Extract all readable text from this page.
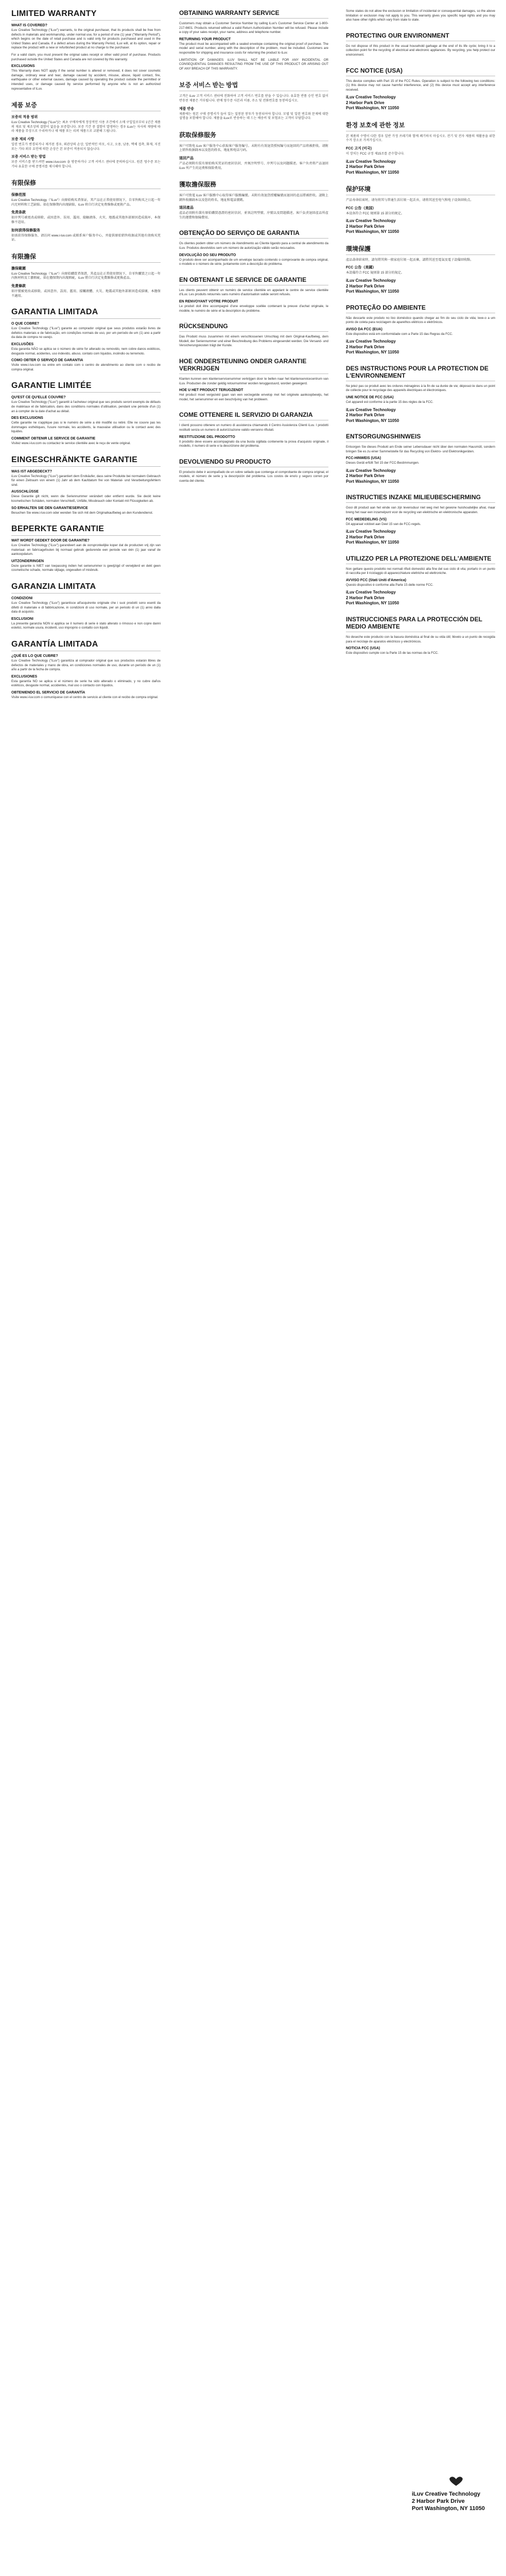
LIMITED WARRANTY
WHAT IS COVERED?
iLuv Creative Technology ("iLuv") warrants, to the original purchaser, that its products shall be free from defects in materials and workmanship, under normal use, for a period of one (1) year ("Warranty Period"), which begins on the date of retail purchase and is valid only for products purchased and used in the United States and Canada. If a defect arises during the Warranty Period, iLuv will, at its option, repair or replace the product with a new or refurbished product at no charge to the purchaser.
For a valid claim, you must present the original sales receipt or other valid proof of purchase. Products purchased outside the United States and Canada are not covered by this warranty.
EXCLUSIONS
This Warranty does NOT apply if the serial number is altered or removed, it does not cover cosmetic damage, ordinary wear and tear, damage caused by accident, misuse, abuse, liquid contact, fire, earthquake or other external causes, damage caused by operating the product outside the permitted or intended uses, or damage caused by service performed by anyone who is not an authorized representative of iLuv.
제품 보증
보증의 적용 범위
iLuv Creative Technology ("iLuv")는 최초 구매자에게 정상적인 사용 조건에서 소매 구입일로부터 1년간 제품의 재료 및 제조상의 결함이 없음을 보증합니다. 보증 기간 중 결함이 발생하는 경우 iLuv는 자사의 재량에 따라 제품을 무상으로 수리하거나 새 제품 또는 리퍼 제품으로 교환해 드립니다.
보증 제외 사항
일련 번호가 변경되거나 제거된 경우, 외관상의 손상, 일반적인 마모, 사고, 오용, 남용, 액체 접촉, 화재, 지진 또는 기타 외부 요인에 의한 손상은 본 보증이 적용되지 않습니다.
보증 서비스 받는 방법
보증 서비스를 받으려면 www.i-luv.com 을 방문하거나 고객 서비스 센터에 문의하십시오. 원본 영수증 또는 기타 유효한 구매 증명서를 제시해야 합니다.
有限保修
保修范围
iLuv Creative Technology（"iLuv"）向原始购买者保证，其产品在正常使用情况下，自零售购买之日起一年内无材料和工艺缺陷。如在保修期内出现缺陷，iLuv 将自行决定免费维修或更换产品。
免责条款
如序列号被更改或移除，或因意外、误用、滥用、接触液体、火灾、地震或其他外部原因造成损坏，本保修不适用。
如何获得保修服务
如需获得保修服务，请访问 www.i-luv.com 或联系客户服务中心，并提供原始销售收据或其他有效购买凭证。
有限擔保
擔保範圍
iLuv Creative Technology（"iLuv"）向原始購買者保證，其產品在正常使用情況下，自零售購買之日起一年內無材料及工藝瑕疵。如在擔保期內出現瑕疵，iLuv 將自行決定免費維修或更換產品。
免責條款
如序號被更改或移除，或因意外、誤用、濫用、接觸液體、火災、地震或其他外部原因造成損壞，本擔保不適用。
GARANTIA LIMITADA
O QUE COBRE?
iLuv Creative Technology ("iLuv") garante ao comprador original que seus produtos estarão livres de defeitos materiais e de fabricação, em condições normais de uso, por um período de um (1) ano a partir da data de compra no varejo.
EXCLUSÕES
Esta garantia NÃO se aplica se o número de série for alterado ou removido, nem cobre danos estéticos, desgaste normal, acidentes, uso indevido, abuso, contato com líquidos, incêndio ou terremoto.
COMO OBTER O SERVIÇO DE GARANTIA
Visite www.i-luv.com ou entre em contato com o centro de atendimento ao cliente com o recibo de compra original.
GARANTIE LIMITÉE
QU'EST CE QU'ELLE COUVRE?
iLuv Creative Technology ("iLuv") garantit à l'acheteur original que ses produits seront exempts de défauts de matériaux et de fabrication, dans des conditions normales d'utilisation, pendant une période d'un (1) an à compter de la date d'achat au détail.
DES EXCLUSIONS
Cette garantie ne s'applique pas si le numéro de série a été modifié ou retiré. Elle ne couvre pas les dommages esthétiques, l'usure normale, les accidents, la mauvaise utilisation ou le contact avec des liquides.
COMMENT OBTENIR LE SERVICE DE GARANTIE
Visitez www.i-luv.com ou contactez le service clientèle avec le reçu de vente original.
EINGESCHRÄNKTE GARANTIE
WAS IST ABGEDECKT?
iLuv Creative Technology ("iLuv") garantiert dem Erstkäufer, dass seine Produkte bei normalem Gebrauch für einen Zeitraum von einem (1) Jahr ab dem Kaufdatum frei von Material- und Verarbeitungsfehlern sind.
AUSSCHLÜSSE
Diese Garantie gilt nicht, wenn die Seriennummer verändert oder entfernt wurde. Sie deckt keine kosmetischen Schäden, normalen Verschleiß, Unfälle, Missbrauch oder Kontakt mit Flüssigkeiten ab.
SO ERHALTEN SIE DEN GARANTIESERVICE
Besuchen Sie www.i-luv.com oder wenden Sie sich mit dem Originalkaufbeleg an den Kundendienst.
BEPERKTE GARANTIE
WAT WORDT GEDEKT DOOR DE GARANTIE?
iLuv Creative Technology ("iLuv") garandeert aan de oorspronkelijke koper dat de producten vrij zijn van materiaal- en fabricagefouten bij normaal gebruik gedurende een periode van één (1) jaar vanaf de aankoopdatum.
UITZONDERINGEN
Deze garantie is NIET van toepassing indien het serienummer is gewijzigd of verwijderd en dekt geen cosmetische schade, normale slijtage, ongevallen of misbruik.
GARANZIA LIMITATA
CONDIZIONI
iLuv Creative Technology ("iLuv") garantisce all'acquirente originale che i suoi prodotti sono esenti da difetti di materiale e di fabbricazione, in condizioni di uso normale, per un periodo di un (1) anno dalla data di acquisto.
ESCLUSIONI
La presente garanzia NON si applica se il numero di serie è stato alterato o rimosso e non copre danni estetici, normale usura, incidenti, uso improprio o contatto con liquidi.
GARANTÍA LIMITADA
¿QUÉ ES LO QUE CUBRE?
iLuv Creative Technology ("iLuv") garantiza al comprador original que sus productos estarán libres de defectos de materiales y mano de obra, en condiciones normales de uso, durante un período de un (1) año a partir de la fecha de compra.
EXCLUSIONES
Esta garantía NO se aplica si el número de serie ha sido alterado o eliminado, y no cubre daños estéticos, desgaste normal, accidentes, mal uso o contacto con líquidos.
OBTENIENDO EL SERVICIO DE GARANTÍA
Visite www.i-luv.com o comuníquese con el centro de servicio al cliente con el recibo de compra original.
OBTAINING WARRANTY SERVICE
Customers may obtain a Customer Service Number by calling iLuv's Customer Service Center at 1-800-217-6601. Products returned without a valid Return Authorization Number will be refused. Please include a copy of your sales receipt, your name, address and telephone number.
RETURNING YOUR PRODUCT
The product must be accompanied with a sealed envelope containing the original proof of purchase. The model and serial number, along with the description of the problem, must be included. Customers are responsible for shipping and insurance costs for returning the product to iLuv.
LIMITATION OF DAMAGES: iLUV SHALL NOT BE LIABLE FOR ANY INCIDENTAL OR CONSEQUENTIAL DAMAGES RESULTING FROM THE USE OF THIS PRODUCT OR ARISING OUT OF ANY BREACH OF THIS WARRANTY.
보증 서비스 받는 방법
고객은 iLuv 고객 서비스 센터에 전화하여 고객 서비스 번호를 받을 수 있습니다. 유효한 반품 승인 번호 없이 반송된 제품은 거부됩니다. 판매 영수증 사본과 이름, 주소 및 전화번호를 동봉하십시오.
제품 반송
제품에는 원본 구매 증명서가 들어 있는 밀봉된 봉투가 동봉되어야 합니다. 모델 및 일련 번호와 문제에 대한 설명을 포함해야 합니다. 제품을 iLuv로 반송하는 데 드는 배송비 및 보험료는 고객이 부담합니다.
获取保修服务
客户可致电 iLuv 客户服务中心获取客户服务编号。未附有有效退货授权编号而退回的产品将被拒收。请附上销售收据副本以及您的姓名、地址和电话号码。
退回产品
产品必须附有装有原始购买凭证的密封信封，并须注明型号、序列号以及问题描述。客户负责将产品退回 iLuv 所产生的运费和保险费用。
獲取擔保服務
客戶可致電 iLuv 客戶服務中心取得客戶服務編號。未附有效退貨授權編號而退回的產品將被拒收。請附上銷售收據副本以及您的姓名、地址和電話號碼。
退回產品
產品必須附有裝有原始購買憑證的密封信封，並須註明型號、序號以及問題描述。客戶負責退回產品所產生的運費和保險費用。
OBTENÇÃO DO SERVIÇO DE GARANTIA
Os clientes podem obter um número de Atendimento ao Cliente ligando para a central de atendimento da iLuv. Produtos devolvidos sem um número de autorização válido serão recusados.
DEVOLUÇÃO DO SEU PRODUTO
O produto deve ser acompanhado de um envelope lacrado contendo o comprovante de compra original, o modelo e o número de série, juntamente com a descrição do problema.
EN OBTENANT LE SERVICE DE GARANTIE
Les clients peuvent obtenir un numéro de service clientèle en appelant le centre de service clientèle d'iLuv. Les produits retournés sans numéro d'autorisation valide seront refusés.
EN RENVOYANT VOTRE PRODUIT
Le produit doit être accompagné d'une enveloppe scellée contenant la preuve d'achat originale, le modèle, le numéro de série et la description du problème.
RÜCKSENDUNG
Das Produkt muss zusammen mit einem verschlossenen Umschlag mit dem Original-Kaufbeleg, dem Modell, der Seriennummer und einer Beschreibung des Problems eingesendet werden. Die Versand- und Versicherungskosten trägt der Kunde.
HOE ONDERSTEUNING ONDER GARANTIE VERKRIJGEN
Klanten kunnen een klantenservicenummer verkrijgen door te bellen naar het klantenservicecentrum van iLuv. Producten die zonder geldig retournummer worden teruggestuurd, worden geweigerd.
HOE U HET PRODUCT TERUGZENDT
Het product moet vergezeld gaan van een verzegelde envelop met het originele aankoopbewijs, het model, het serienummer en een beschrijving van het probleem.
COME OTTENERE IL SERVIZIO DI GARANZIA
I clienti possono ottenere un numero di assistenza chiamando il Centro Assistenza Clienti iLuv. I prodotti restituiti senza un numero di autorizzazione valido verranno rifiutati.
RESTITUZIONE DEL PRODOTTO
Il prodotto deve essere accompagnato da una busta sigillata contenente la prova d'acquisto originale, il modello, il numero di serie e la descrizione del problema.
DEVOLVIENDO SU PRODUCTO
El producto debe ir acompañado de un sobre sellado que contenga el comprobante de compra original, el modelo, el número de serie y la descripción del problema. Los costos de envío y seguro corren por cuenta del cliente.
Some states do not allow the exclusion or limitation of incidental or consequential damages, so the above limitation or exclusion may not apply to you. This warranty gives you specific legal rights and you may also have other rights which vary from state to state.
PROTECTING OUR ENVIRONMENT
Do not dispose of this product in the usual household garbage at the end of its life cycle; bring it to a collection point for the recycling of electrical and electronic appliances. By recycling, you help protect our environment.
FCC NOTICE (USA)
This device complies with Part 15 of the FCC Rules. Operation is subject to the following two conditions: (1) this device may not cause harmful interference, and (2) this device must accept any interference received.
iLuv Creative Technology
2 Harbor Park Drive
Port Washington, NY 11050
환경 보호에 관한 정보
본 제품의 수명이 다한 경우 일반 가정 쓰레기와 함께 폐기하지 마십시오. 전기 및 전자 제품의 재활용을 위한 수거 장소로 가져가십시오.
FCC 고지 (미국)
이 장치는 FCC 규정 제15조를 준수합니다.
iLuv Creative Technology
2 Harbor Park Drive
Port Washington, NY 11050
保护环境
产品寿命结束时，请勿将其与普通生活垃圾一起丢弃，请将其送至电气和电子设备回收点。
FCC 公告（美国）
本设备符合 FCC 规则第 15 部分的规定。
iLuv Creative Technology
2 Harbor Park Drive
Port Washington, NY 11050
環境保護
產品壽命結束時，請勿將其與一般家庭垃圾一起丟棄，請將其送至電氣及電子設備回收點。
FCC 公告（美國）
本設備符合 FCC 規則第 15 部分的規定。
iLuv Creative Technology
2 Harbor Park Drive
Port Washington, NY 11050
PROTEÇÃO DO AMBIENTE
Não descarte este produto no lixo doméstico quando chegar ao fim do seu ciclo de vida; leve-o a um ponto de coleta para reciclagem de aparelhos elétricos e eletrônicos.
AVISO DA FCC (EUA)
Este dispositivo está em conformidade com a Parte 15 das Regras da FCC.
iLuv Creative Technology
2 Harbor Park Drive
Port Washington, NY 11050
DES INSTRUCTIONS POUR LA PROTECTION DE L'ENVIRONNEMENT
Ne jetez pas ce produit avec les ordures ménagères à la fin de sa durée de vie; déposez-le dans un point de collecte pour le recyclage des appareils électriques et électroniques.
UNE NOTICE DE FCC (USA)
Cet appareil est conforme à la partie 15 des règles de la FCC.
iLuv Creative Technology
2 Harbor Park Drive
Port Washington, NY 11050
ENTSORGUNGSHINWEIS
Entsorgen Sie dieses Produkt am Ende seiner Lebensdauer nicht über den normalen Hausmüll, sondern bringen Sie es zu einer Sammelstelle für das Recycling von Elektro- und Elektronikgeräten.
FCC-HINWEIS (USA)
Dieses Gerät erfüllt Teil 15 der FCC-Bestimmungen.
iLuv Creative Technology
2 Harbor Park Drive
Port Washington, NY 11050
INSTRUCTIES INZAKE MILIEUBESCHERMING
Gooi dit product aan het einde van zijn levensduur niet weg met het gewone huishoudelijke afval, maar breng het naar een inzamelpunt voor de recycling van elektrische en elektronische apparaten.
FCC MEDEDELING (VS)
Dit apparaat voldoet aan Deel 15 van de FCC-regels.
iLuv Creative Technology
2 Harbor Park Drive
Port Washington, NY 11050
UTILIZZO PER LA PROTEZIONE DELL'AMBIENTE
Non gettare questo prodotto nei normali rifiuti domestici alla fine del suo ciclo di vita; portarlo in un punto di raccolta per il riciclaggio di apparecchiature elettriche ed elettroniche.
AVVISO FCC (Stati Uniti d'America)
Questo dispositivo è conforme alla Parte 15 delle norme FCC.
iLuv Creative Technology
2 Harbor Park Drive
Port Washington, NY 11050
INSTRUCCIONES PARA LA PROTECCIÓN DEL MEDIO AMBIENTE
No deseche este producto con la basura doméstica al final de su vida útil; llévelo a un punto de recogida para el reciclaje de aparatos eléctricos y electrónicos.
NOTICIA FCC (USA)
Este dispositivo cumple con la Parte 15 de las normas de la FCC.
iLuv Creative Technology
2 Harbor Park Drive
Port Washington, NY 11050
